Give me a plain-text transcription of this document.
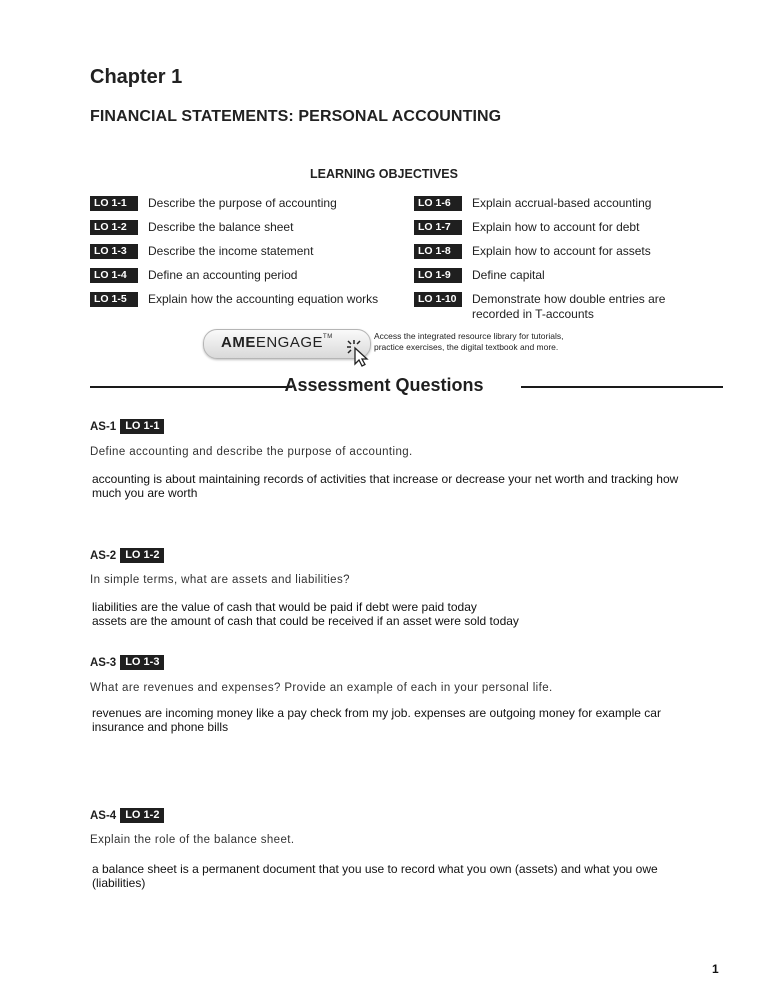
Chapter 1
FINANCIAL STATEMENTS: PERSONAL ACCOUNTING
LEARNING OBJECTIVES
LO 1-1	Describe the purpose of accounting
LO 1-2	Describe the balance sheet
LO 1-3	Describe the income statement
LO 1-4	Define an accounting period
LO 1-5	Explain how the accounting equation works
LO 1-6	Explain accrual-based accounting
LO 1-7	Explain how to account for debt
LO 1-8	Explain how to account for assets
LO 1-9	Define capital
LO 1-10	Demonstrate how double entries are
recorded in T-accounts
AMEENGAGE™	Access the integrated resource library for tutorials,
practice exercises, the digital textbook and more.
Assessment Questions
AS-1 LO 1-1
Define accounting and describe the purpose of accounting.
accounting is about maintaining records of activities that increase or decrease your net worth and tracking how
much you are worth
AS-2 LO 1-2
In simple terms, what are assets and liabilities?
liabilities are the value of cash that would be paid if debt were paid today
assets are the amount of cash that could be received if an asset were sold today
AS-3 LO 1-3
What are revenues and expenses? Provide an example of each in your personal life.
revenues are incoming money like a pay check from my job. expenses are outgoing money for example car
insurance and phone bills
AS-4 LO 1-2
Explain the role of the balance sheet.
a balance sheet is a permanent document that you use to record what you own (assets) and what you owe
(liabilities)
1
